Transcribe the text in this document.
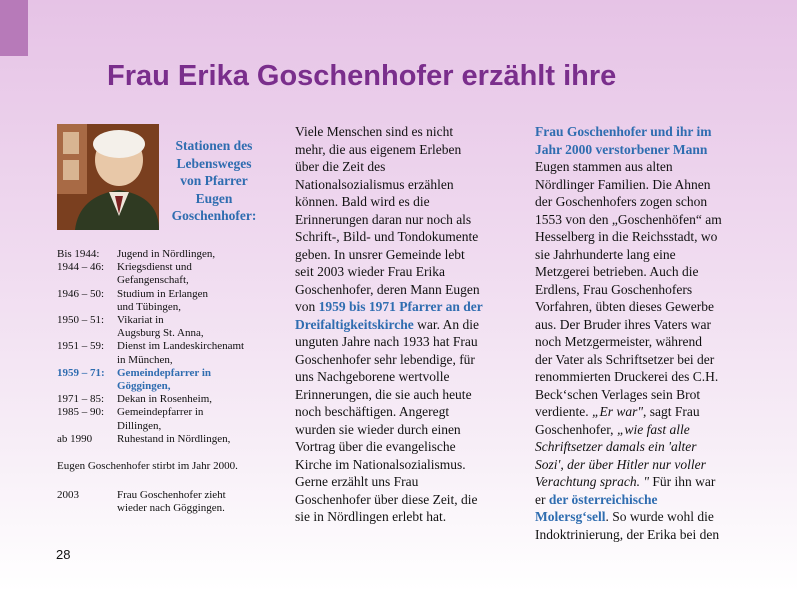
Frau Erika Goschenhofer erzählt ihre
Stationen des
Lebensweges
von Pfarrer
Eugen
Goschenhofer:
Bis 1944:	Jugend in Nördlingen,
1944 – 46:	Kriegsdienst und
Gefangenschaft,
1946 – 50:	Studium in Erlangen
und Tübingen,
1950 – 51:	Vikariat in
Augsburg St. Anna,
1951 – 59:	Dienst im Landeskirchenamt
in München,
1959 – 71:	Gemeindepfarrer in
Göggingen,
1971 – 85:	Dekan in Rosenheim,
1985 – 90:	Gemeindepfarrer in
Dillingen,
ab 1990	Ruhestand in Nördlingen,
Eugen Goschenhofer stirbt im Jahr 2000.
2003	Frau Goschenhofer zieht
wieder nach Göggingen.
Viele Menschen sind es nicht
mehr, die aus eigenem Erleben
über die Zeit des
Nationalsozialismus erzählen
können. Bald wird es die
Erinnerungen daran nur noch als
Schrift-, Bild- und Tondokumente
geben. In unsrer Gemeinde lebt
seit 2003 wieder Frau Erika
Goschenhofer, deren Mann Eugen
von 1959 bis 1971 Pfarrer an der
Dreifaltigkeitskirche war. An die
unguten Jahre nach 1933 hat Frau
Goschenhofer sehr lebendige, für
uns Nachgeborene wertvolle
Erinnerungen, die sie auch heute
noch beschäftigen. Angeregt
wurden sie wieder durch einen
Vortrag über die evangelische
Kirche im Nationalsozialismus.
Gerne erzählt uns Frau
Goschenhofer über diese Zeit, die
sie in Nördlingen erlebt hat.
Frau Goschenhofer und ihr im
Jahr 2000 verstorbener Mann
Eugen stammen aus alten
Nördlinger Familien. Die Ahnen
der Goschenhofers zogen schon
1553 von den „Goschenhöfen“ am
Hesselberg in die Reichsstadt, wo
sie Jahrhunderte lang eine
Metzgerei betrieben. Auch die
Erdlens, Frau Goschenhofers
Vorfahren, übten dieses Gewerbe
aus. Der Bruder ihres Vaters war
noch Metzgermeister, während
der Vater als Schriftsetzer bei der
renommierten Druckerei des C.H.
Beck‘schen Verlages sein Brot
verdiente. „Er war", sagt Frau
Goschenhofer, „wie fast alle
Schriftsetzer damals ein 'alter
Sozi', der über Hitler nur voller
Verachtung sprach. " Für ihn war
er der österreichische
Molersg‘sell. So wurde wohl die
Indoktrinierung, der Erika bei den
28
